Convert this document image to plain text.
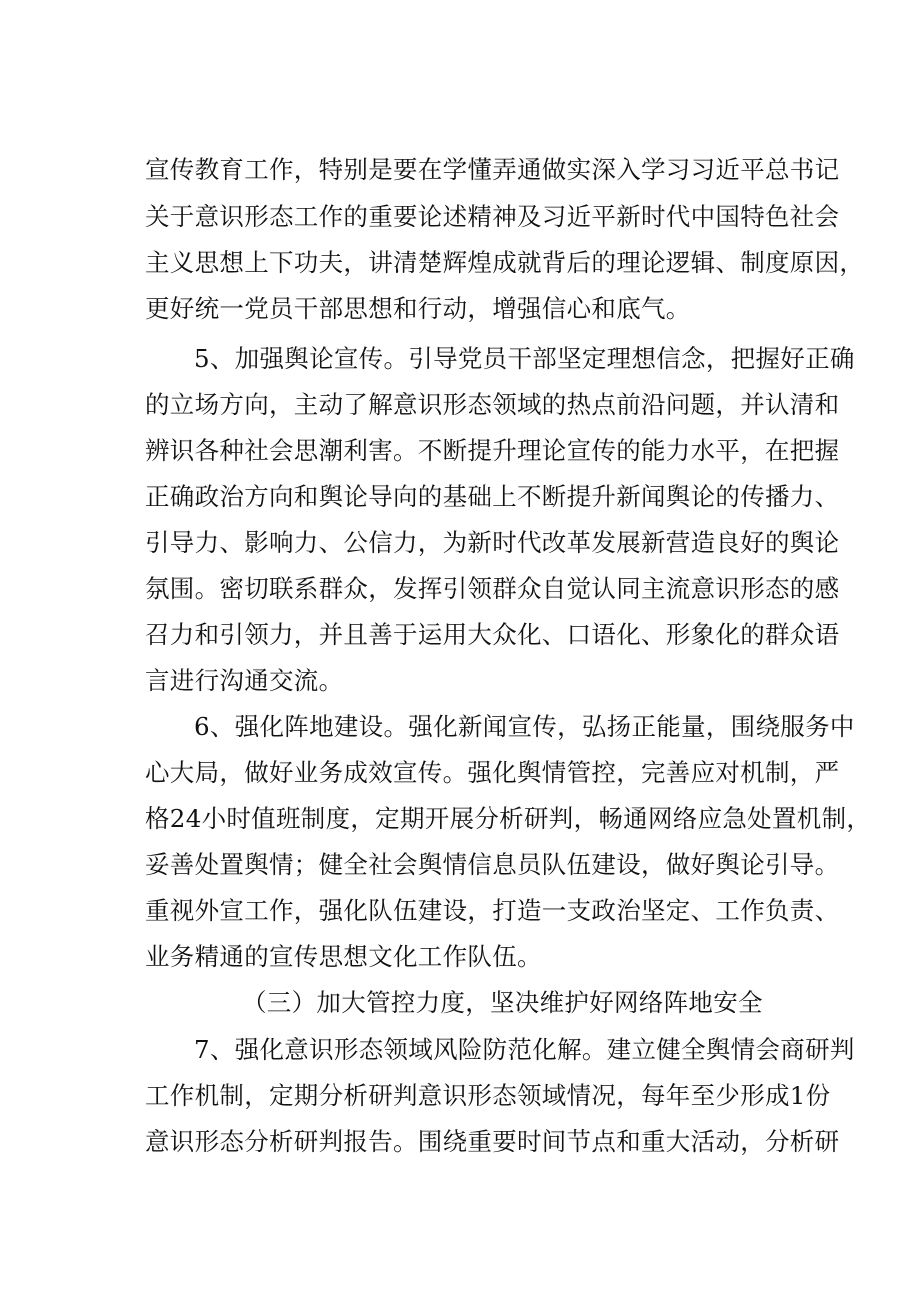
宣传教育工作，特别是要在学懂弄通做实深入学习习近平总书记
关于意识形态工作的重要论述精神及习近平新时代中国特色社会
主义思想上下功夫，讲清楚辉煌成就背后的理论逻辑、制度原因，
更好统一党员干部思想和行动，增强信心和底气。
5、加强舆论宣传。引导党员干部坚定理想信念，把握好正确
的立场方向，主动了解意识形态领域的热点前沿问题，并认清和
辨识各种社会思潮利害。不断提升理论宣传的能力水平，在把握
正确政治方向和舆论导向的基础上不断提升新闻舆论的传播力、
引导力、影响力、公信力，为新时代改革发展新营造良好的舆论
氛围。密切联系群众，发挥引领群众自觉认同主流意识形态的感
召力和引领力，并且善于运用大众化、口语化、形象化的群众语
言进行沟通交流。
6、强化阵地建设。强化新闻宣传，弘扬正能量，围绕服务中
心大局，做好业务成效宣传。强化舆情管控，完善应对机制，严
格24小时值班制度，定期开展分析研判，畅通网络应急处置机制，
妥善处置舆情；健全社会舆情信息员队伍建设，做好舆论引导。
重视外宣工作，强化队伍建设，打造一支政治坚定、工作负责、
业务精通的宣传思想文化工作队伍。
（三）加大管控力度，坚决维护好网络阵地安全
7、强化意识形态领域风险防范化解。建立健全舆情会商研判
工作机制，定期分析研判意识形态领域情况，每年至少形成1份
意识形态分析研判报告。围绕重要时间节点和重大活动，分析研
